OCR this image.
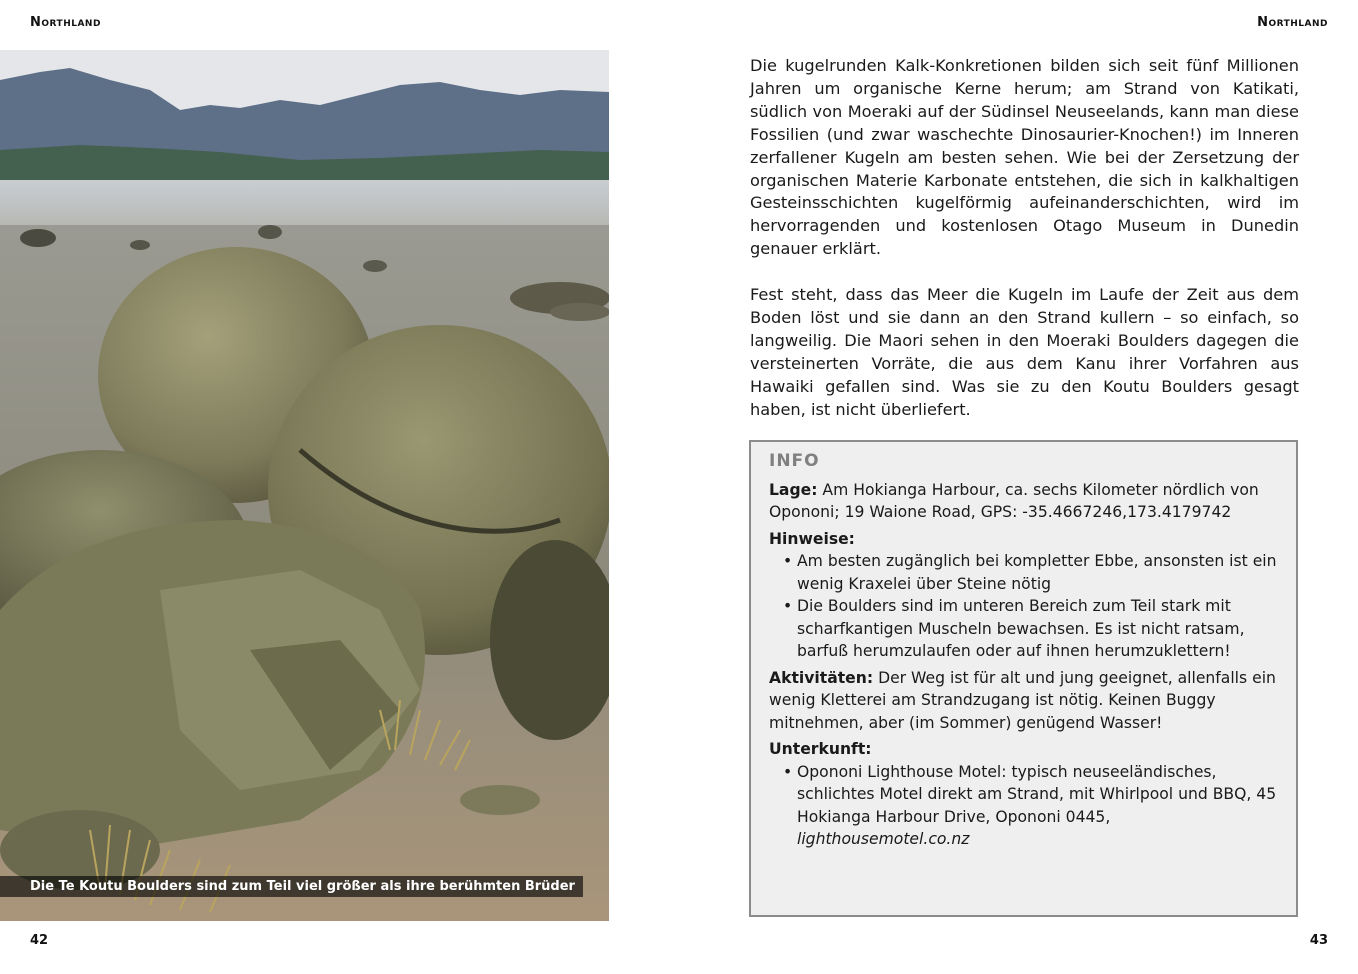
Northland
Die Te Koutu Boulders sind zum Teil viel größer als ihre berühmten Brüder
42
Northland

Die kugelrunden Kalk-Konkretionen bilden sich seit fünf Millionen Jahren um organische Kerne herum; am Strand von Katikati, südlich von Moeraki auf der Südinsel Neuseelands, kann man diese Fossilien (und zwar waschechte Dinosaurier-Knochen!) im Inneren zerfallener Kugeln am besten sehen. Wie bei der Zersetzung der organischen Materie Karbonate entstehen, die sich in kalkhaltigen Gesteinsschichten kugelförmig aufeinanderschichten, wird im hervorragenden und kostenlosen Otago Museum in Dunedin genauer erklärt.

Fest steht, dass das Meer die Kugeln im Laufe der Zeit aus dem Boden löst und sie dann an den Strand kullern – so einfach, so langweilig. Die Maori sehen in den Moeraki Boulders dagegen die versteinerten Vorräte, die aus dem Kanu ihrer Vorfahren aus Hawaiki gefallen sind. Was sie zu den Koutu Boulders gesagt haben, ist nicht überliefert.

INFO
Lage: Am Hokianga Harbour, ca. sechs Kilometer nördlich von Opononi; 19 Waione Road, GPS: -35.4667246,173.4179742
Hinweise:
• Am besten zugänglich bei kompletter Ebbe, ansonsten ist ein wenig Kraxelei über Steine nötig
• Die Boulders sind im unteren Bereich zum Teil stark mit scharfkantigen Muscheln bewachsen. Es ist nicht ratsam, barfuß herumzulaufen oder auf ihnen herumzuklettern!
Aktivitäten: Der Weg ist für alt und jung geeignet, allenfalls ein wenig Kletterei am Strandzugang ist nötig. Keinen Buggy mitnehmen, aber (im Sommer) genügend Wasser!
Unterkunft:
• Opononi Lighthouse Motel: typisch neuseeländisches, schlichtes Motel direkt am Strand, mit Whirlpool und BBQ, 45 Hokianga Harbour Drive, Opononi 0445,
lighthousemotel.co.nz
43
